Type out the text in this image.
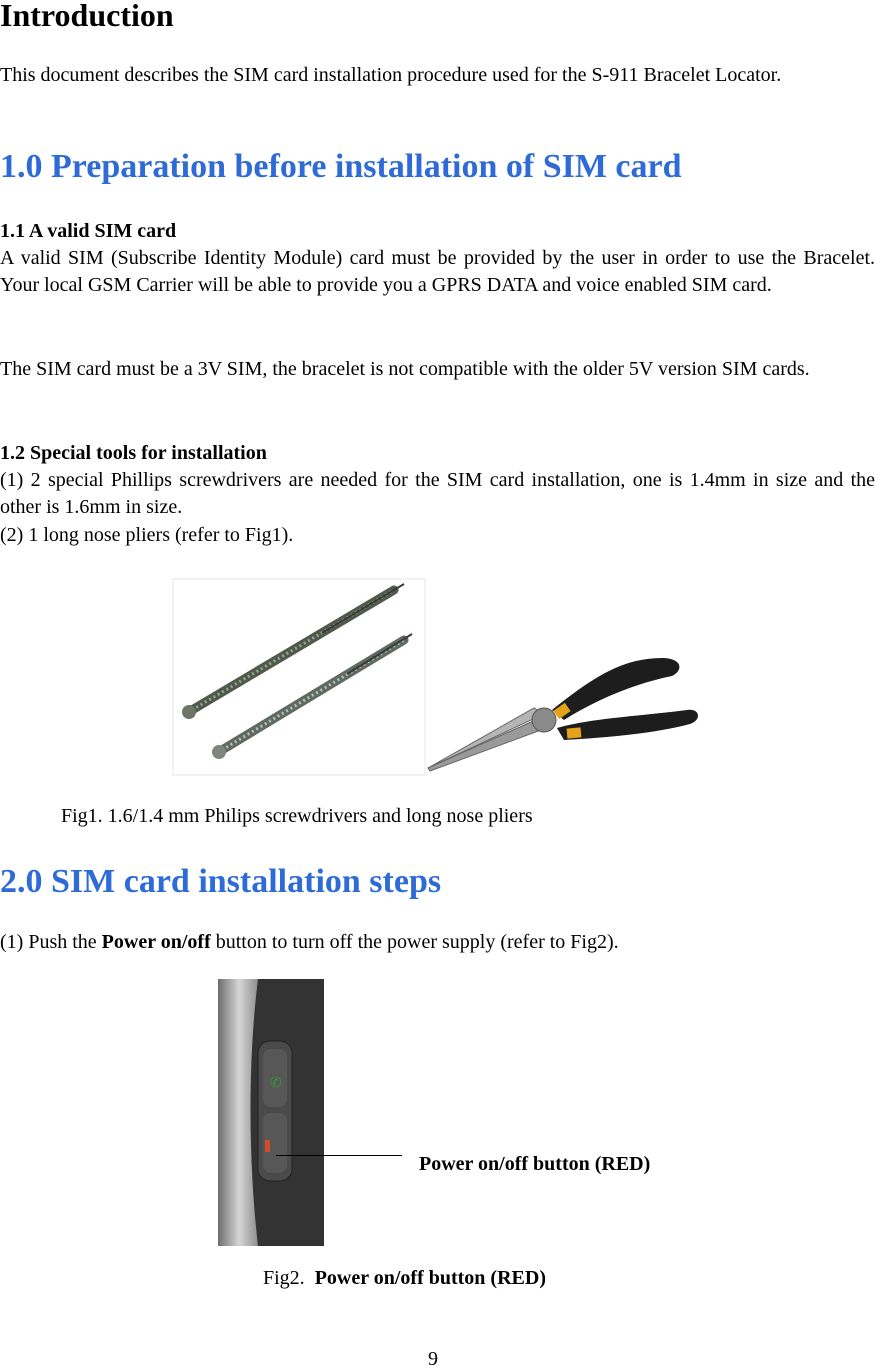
Introduction

This document describes the SIM card installation procedure used for the S-911 Bracelet Locator.

1.0 Preparation before installation of SIM card
1.1 A valid SIM card

A valid SIM (Subscribe Identity Module) card must be provided by the user in order to use the Bracelet. Your local GSM Carrier will be able to provide you a GPRS DATA and voice enabled SIM card.

The SIM card must be a 3V SIM, the bracelet is not compatible with the older 5V version SIM cards.

1.2 Special tools for installation

(1) 2 special Phillips screwdrivers are needed for the SIM card installation, one is 1.4mm in size and the other is 1.6mm in size.

(2) 1 long nose pliers (refer to Fig1).

Fig1. 1.6/1.4 mm Philips screwdrivers and long nose pliers
2.0 SIM card installation steps

(1) Push the Power on/off button to turn off the power supply (refer to Fig2).

✆
Power on/off button (RED)
Fig2. Power on/off button (RED)
9
